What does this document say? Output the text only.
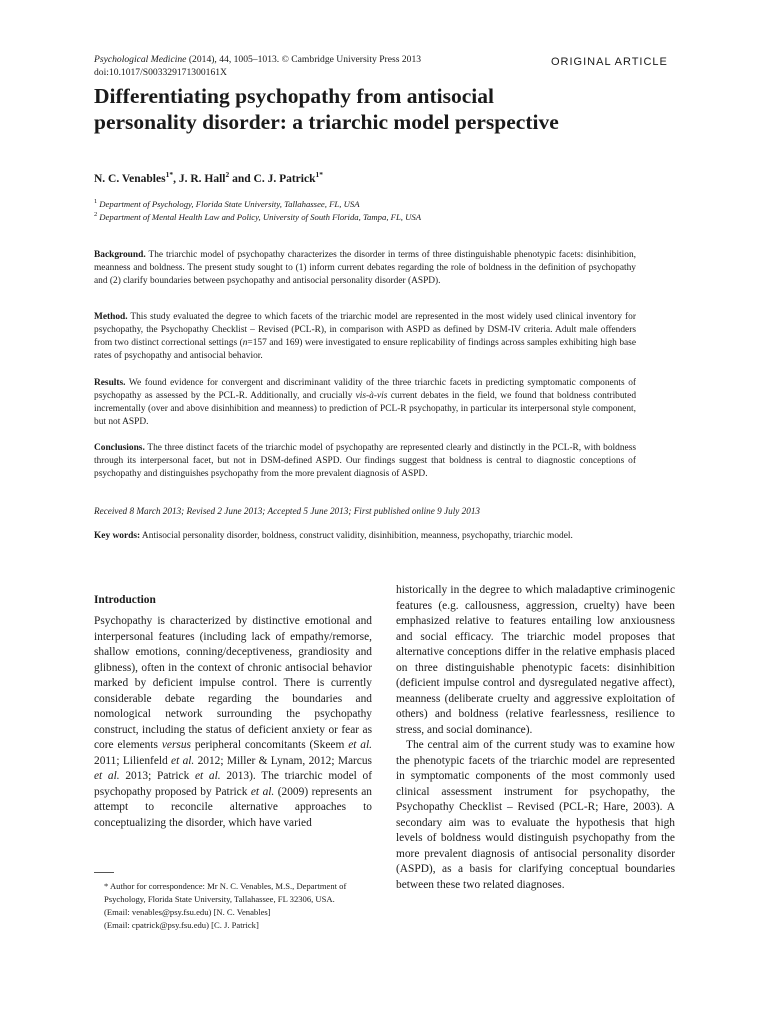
Psychological Medicine (2014), 44, 1005–1013. © Cambridge University Press 2013
doi:10.1017/S003329171300161X
ORIGINAL ARTICLE
Differentiating psychopathy from antisocial
personality disorder: a triarchic model perspective
N. C. Venables$^{1*}$, J. R. Hall$^2$ and C. J. Patrick$^{1*}$
$^1$ Department of Psychology, Florida State University, Tallahassee, FL, USA
$^2$ Department of Mental Health Law and Policy, University of South Florida, Tampa, FL, USA
Background. The triarchic model of psychopathy characterizes the disorder in terms of three distinguishable phenotypic facets: disinhibition, meanness and boldness. The present study sought to (1) inform current debates regarding the role of boldness in the definition of psychopathy and (2) clarify boundaries between psychopathy and antisocial personality disorder (ASPD).
Method. This study evaluated the degree to which facets of the triarchic model are represented in the most widely used clinical inventory for psychopathy, the Psychopathy Checklist – Revised (PCL-R), in comparison with ASPD as defined by DSM-IV criteria. Adult male offenders from two distinct correctional settings (n=157 and 169) were investigated to ensure replicability of findings across samples exhibiting high base rates of psychopathy and antisocial behavior.
Results. We found evidence for convergent and discriminant validity of the three triarchic facets in predicting symptomatic components of psychopathy as assessed by the PCL-R. Additionally, and crucially vis-à-vis current debates in the field, we found that boldness contributed incrementally (over and above disinhibition and meanness) to prediction of PCL-R psychopathy, in particular its interpersonal style component, but not ASPD.
Conclusions. The three distinct facets of the triarchic model of psychopathy are represented clearly and distinctly in the PCL-R, with boldness through its interpersonal facet, but not in DSM-defined ASPD. Our findings suggest that boldness is central to diagnostic conceptions of psychopathy and distinguishes psychopathy from the more prevalent diagnosis of ASPD.
Received 8 March 2013; Revised 2 June 2013; Accepted 5 June 2013; First published online 9 July 2013
Key words: Antisocial personality disorder, boldness, construct validity, disinhibition, meanness, psychopathy, triarchic model.
Introduction

Psychopathy is characterized by distinctive emotional and interpersonal features (including lack of empathy/remorse, shallow emotions, conning/deceptiveness, grandiosity and glibness), often in the context of chronic antisocial behavior marked by deficient impulse control. There is currently considerable debate regarding the boundaries and nomological network surrounding the psychopathy construct, including the status of deficient anxiety or fear as core elements versus peripheral concomitants (Skeem et al. 2011; Lilienfeld et al. 2012; Miller & Lynam, 2012; Marcus et al. 2013; Patrick et al. 2013). The triarchic model of psychopathy proposed by Patrick et al. (2009) represents an attempt to reconcile alternative approaches to conceptualizing the disorder, which have varied

historically in the degree to which maladaptive criminogenic features (e.g. callousness, aggression, cruelty) have been emphasized relative to features entailing low anxiousness and social efficacy. The triarchic model proposes that alternative conceptions differ in the relative emphasis placed on three distinguishable phenotypic facets: disinhibition (deficient impulse control and dysregulated negative affect), meanness (deliberate cruelty and aggressive exploitation of others) and boldness (relative fearlessness, resilience to stress, and social dominance).

The central aim of the current study was to examine how the phenotypic facets of the triarchic model are represented in symptomatic components of the most commonly used clinical assessment instrument for psychopathy, the Psychopathy Checklist – Revised (PCL-R; Hare, 2003). A secondary aim was to evaluate the hypothesis that high levels of boldness would distinguish psychopathy from the more prevalent diagnosis of antisocial personality disorder (ASPD), as a basis for clarifying conceptual boundaries between these two related diagnoses.

* Author for correspondence: Mr N. C. Venables, M.S., Department of Psychology, Florida State University, Tallahassee, FL 32306, USA.
(Email: venables@psy.fsu.edu) [N. C. Venables]
(Email: cpatrick@psy.fsu.edu) [C. J. Patrick]
